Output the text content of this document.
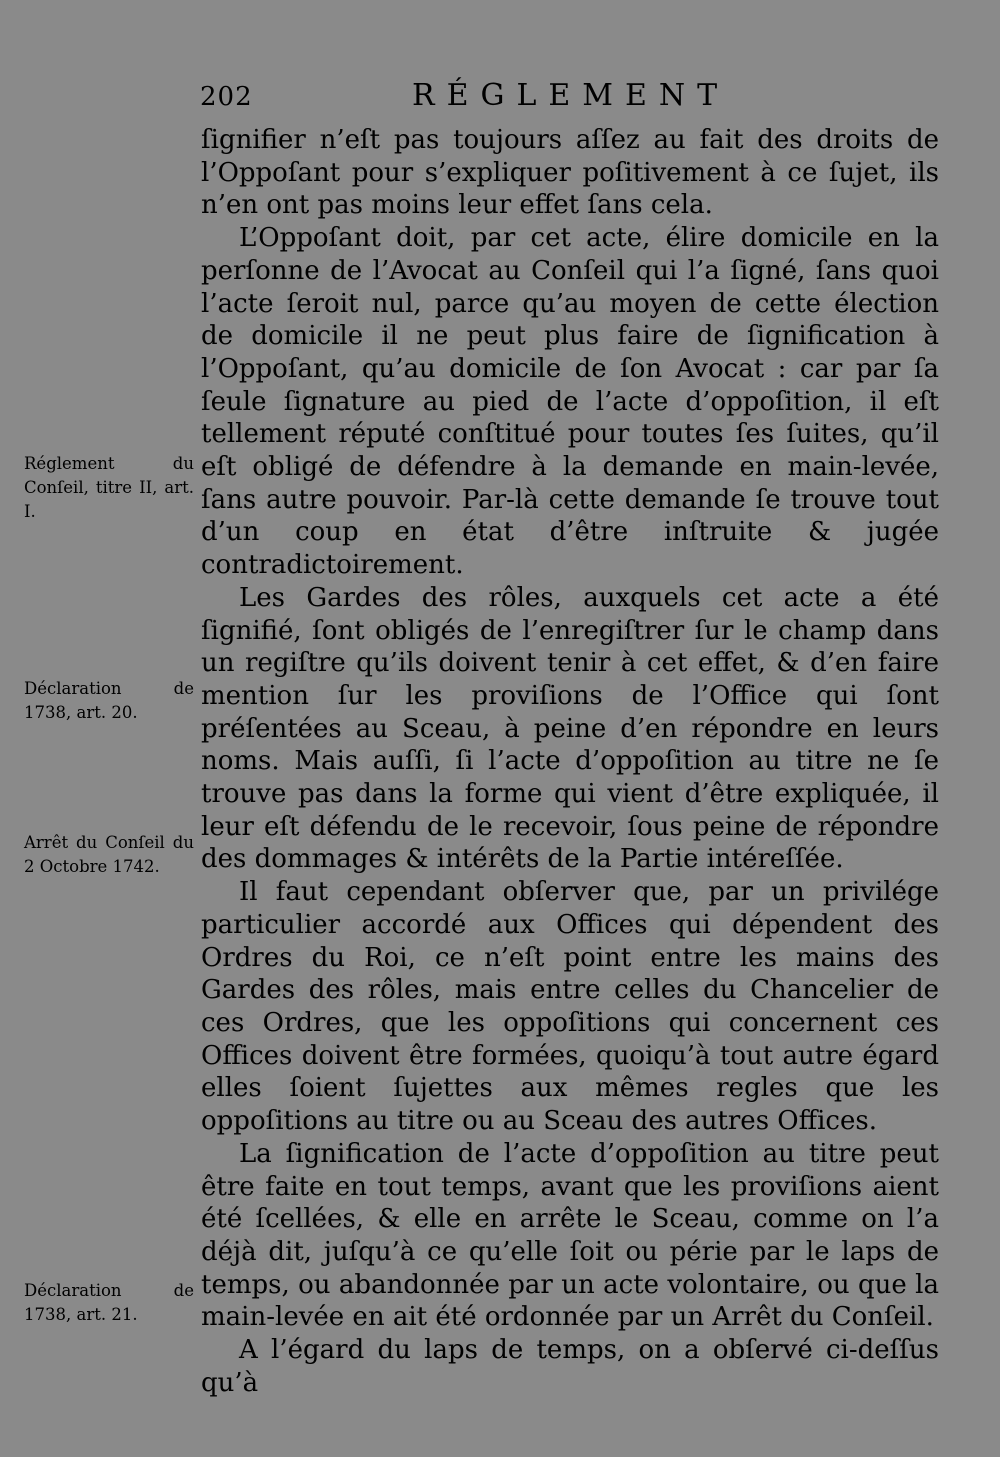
202	RÉGLEMENT

ſignifier n’eſt pas toujours aſſez au fait des droits de l’Oppoſant pour s’expliquer poſitivement à ce ſujet, ils n’en ont pas moins leur effet ſans cela.

L’Oppoſant doit, par cet acte, élire domicile en la perſonne de l’Avocat au Conſeil qui l’a ſigné, ſans quoi l’acte ſeroit nul, parce qu’au moyen de cette élection de domicile il ne peut plus faire de ſignification à l’Oppoſant, qu’au domicile de ſon Avocat : car par ſa ſeule ſignature au pied de l’acte d’oppoſition, il eſt tellement réputé conſtitué pour toutes ſes ſuites, qu’il eſt obligé de défendre à la demande en main-levée, ſans autre pouvoir. Par-là cette demande ſe trouve tout d’un coup en état d’être inſtruite & jugée contradictoirement.

Les Gardes des rôles, auxquels cet acte a été ſignifié, ſont obligés de l’enregiſtrer ſur le champ dans un regiſtre qu’ils doivent tenir à cet effet, & d’en faire mention ſur les proviſions de l’Office qui ſont préſentées au Sceau, à peine d’en répondre en leurs noms. Mais auſſi, ſi l’acte d’oppoſition au titre ne ſe trouve pas dans la forme qui vient d’être expliquée, il leur eſt défendu de le recevoir, ſous peine de répondre des dommages & intérêts de la Partie intéreſſée.

Il faut cependant obſerver que, par un privilége particulier accordé aux Offices qui dépendent des Ordres du Roi, ce n’eſt point entre les mains des Gardes des rôles, mais entre celles du Chancelier de ces Ordres, que les oppoſitions qui concernent ces Offices doivent être formées, quoiqu’à tout autre égard elles ſoient ſujettes aux mêmes regles que les oppoſitions au titre ou au Sceau des autres Offices.

La ſignification de l’acte d’oppoſition au titre peut être faite en tout temps, avant que les proviſions aient été ſcellées, & elle en arrête le Sceau, comme on l’a déjà dit, juſqu’à ce qu’elle ſoit ou périe par le laps de temps, ou abandonnée par un acte volontaire, ou que la main-levée en ait été ordonnée par un Arrêt du Conſeil.

A l’égard du laps de temps, on a obſervé ci-deſſus qu’à

Réglement du Conſeil, titre II, art. I.
Déclaration de 1738, art. 20.
Arrêt du Conſeil du 2 Octobre 1742.
Déclaration de 1738, art. 21.
